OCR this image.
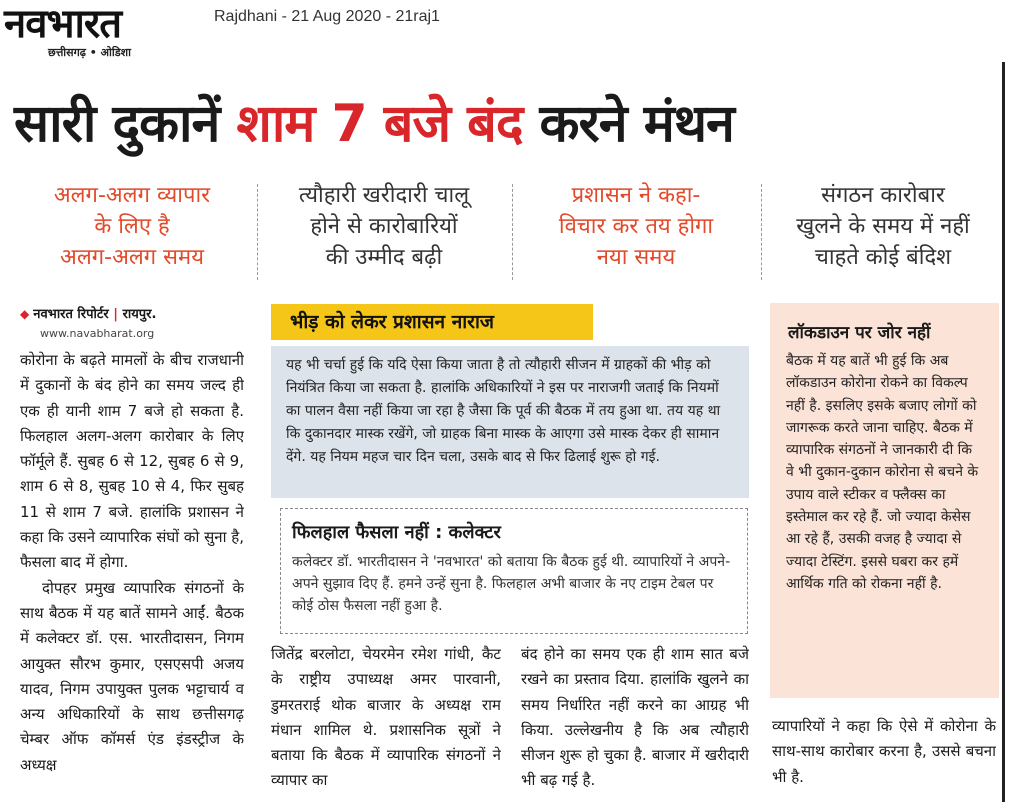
नवभारत
छत्तीसगढ़ • ओडिशा
Rajdhani - 21 Aug 2020 - 21raj1
सारी दुकानें शाम 7 बजे बंद करने मंथन
अलग-अलग व्यापार
के लिए है
अलग-अलग समय
त्यौहारी खरीदारी चालू
होने से कारोबारियों
की उम्मीद बढ़ी
प्रशासन ने कहा-
विचार कर तय होगा
नया समय
संगठन कारोबार
खुलने के समय में नहीं
चाहते कोई बंदिश
◆ नवभारत रिपोर्टर | रायपुर.
www.navabharat.org

कोरोना के बढ़ते मामलों के बीच राजधानी में दुकानों के बंद होने का समय जल्द ही एक ही यानी शाम 7 बजे हो सकता है. फिलहाल अलग-अलग कारोबार के लिए फॉर्मूले हैं. सुबह 6 से 12, सुबह 6 से 9, शाम 6 से 8, सुबह 10 से 4, फिर सुबह 11 से शाम 7 बजे. हालांकि प्रशासन ने कहा कि उसने व्यापारिक संघों को सुना है, फैसला बाद में होगा.

दोपहर प्रमुख व्यापारिक संगठनों के साथ बैठक में यह बातें सामने आईं. बैठक में कलेक्टर डॉ. एस. भारतीदासन, निगम आयुक्त सौरभ कुमार, एसएसपी अजय यादव, निगम उपायुक्त पुलक भट्टाचार्य व अन्य अधिकारियों के साथ छत्तीसगढ़ चेम्बर ऑफ कॉमर्स एंड इंडस्ट्रीज के अध्यक्ष

भीड़ को लेकर प्रशासन नाराज
यह भी चर्चा हुई कि यदि ऐसा किया जाता है तो त्यौहारी सीजन में ग्राहकों की भीड़ को नियंत्रित किया जा सकता है. हालांकि अधिकारियों ने इस पर नाराजगी जताई कि नियमों का पालन वैसा नहीं किया जा रहा है जैसा कि पूर्व की बैठक में तय हुआ था. तय यह था कि दुकानदार मास्क रखेंगे, जो ग्राहक बिना मास्क के आएगा उसे मास्क देकर ही सामान देंगे. यह नियम महज चार दिन चला, उसके बाद से फिर ढिलाई शुरू हो गई.
फिलहाल फैसला नहीं : कलेक्टर
कलेक्टर डॉ. भारतीदासन ने 'नवभारत' को बताया कि बैठक हुई थी. व्यापारियों ने अपने-अपने सुझाव दिए हैं. हमने उन्हें सुना है. फिलहाल अभी बाजार के नए टाइम टेबल पर कोई ठोस फैसला नहीं हुआ है.
जितेंद्र बरलोटा, चेयरमेन रमेश गांधी, कैट के राष्ट्रीय उपाध्यक्ष अमर पारवानी, डुमरतराई थोक बाजार के अध्यक्ष राम मंधान शामिल थे. प्रशासनिक सूत्रों ने बताया कि बैठक में व्यापारिक संगठनों ने व्यापार का
बंद होने का समय एक ही शाम सात बजे रखने का प्रस्ताव दिया. हालांकि खुलने का समय निर्धारित नहीं करने का आग्रह भी किया. उल्लेखनीय है कि अब त्यौहारी सीजन शुरू हो चुका है. बाजार में खरीदारी भी बढ़ गई है.
लॉकडाउन पर जोर नहीं
बैठक में यह बातें भी हुई कि अब लॉकडाउन कोरोना रोकने का विकल्प नहीं है. इसलिए इसके बजाए लोगों को जागरूक करते जाना चाहिए. बैठक में व्यापारिक संगठनों ने जानकारी दी कि वे भी दुकान-दुकान कोरोना से बचने के उपाय वाले स्टीकर व फ्लैक्स का इस्तेमाल कर रहे हैं. जो ज्यादा केसेस आ रहे हैं, उसकी वजह है ज्यादा से ज्यादा टेस्टिंग. इससे घबरा कर हमें आर्थिक गति को रोकना नहीं है.
व्यापारियों ने कहा कि ऐसे में कोरोना के साथ-साथ कारोबार करना है, उससे बचना भी है.
